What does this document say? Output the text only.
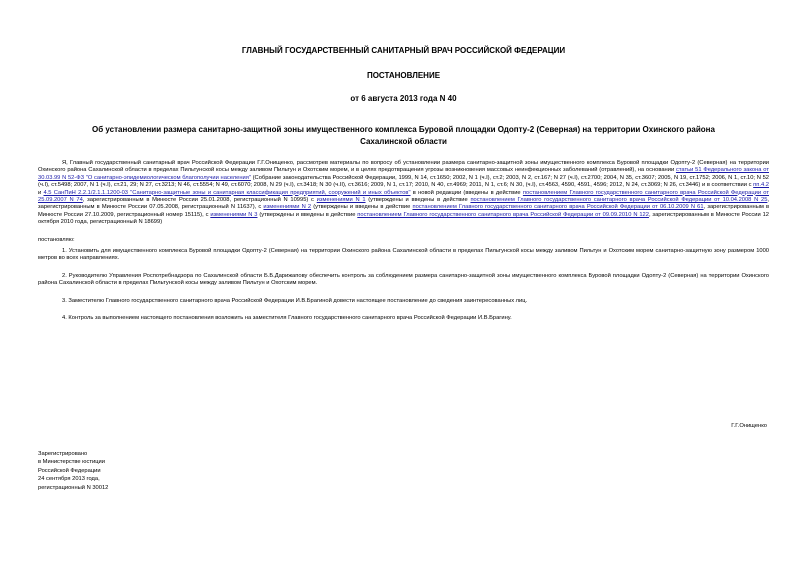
ГЛАВНЫЙ ГОСУДАРСТВЕННЫЙ САНИТАРНЫЙ ВРАЧ РОССИЙСКОЙ ФЕДЕРАЦИИ
ПОСТАНОВЛЕНИЕ
от 6 августа 2013 года N 40
Об установлении размера санитарно-защитной зоны имущественного комплекса Буровой площадки Одопту-2 (Северная) на территории Охинского района Сахалинской области

Я, Главный государственный санитарный врач Российской Федерации Г.Г.Онищенко, рассмотрев материалы по вопросу об установлении размера санитарно-защитной зоны имущественного комплекса Буровой площадки Одопту-2 (Северная) на территории Охинского района Сахалинской области в пределах Пильтунской косы между заливом Пильтун и Охотским морем, и в целях предотвращения угрозы возникновения массовых неинфекционных заболеваний (отравлений), на основании статьи 51 Федерального закона от 30.03.99 N 52-ФЗ "О санитарно-эпидемиологическом благополучии населения" (Собрание законодательства Российской Федерации, 1999, N 14, ст.1650; 2002, N 1 (ч.I), ст.2; 2003, N 2, ст.167; N 27 (ч.I), ст.2700; 2004, N 35, ст.3607; 2005, N 19, ст.1752; 2006, N 1, ст.10; N 52 (ч.I), ст.5498; 2007, N 1 (ч.I), ст.21, 29; N 27, ст.3213; N 46, ст.5554; N 49, ст.6070; 2008, N 29 (ч.I), ст.3418; N 30 (ч.II), ст.3616; 2009, N 1, ст.17; 2010, N 40, ст.4969; 2011, N 1, ст.6; N 30, (ч.I), ст.4563, 4590, 4591, 4596; 2012, N 24, ст.3069; N 26, ст.3446) и в соответствии с пп.4.2 и 4.5 СанПиН 2.2.1/2.1.1.1200-03 "Санитарно-защитные зоны и санитарная классификация предприятий, сооружений и иных объектов" в новой редакции (введены в действие постановлением Главного государственного санитарного врача Российской Федерации от 25.09.2007 N 74, зарегистрированным в Минюсте России 25.01.2008, регистрационный N 10995) с изменениями N 1 (утверждены и введены в действие постановлением Главного государственного санитарного врача Российской Федерации от 10.04.2008 N 25, зарегистрированным в Минюсте России 07.05.2008, регистрационный N 11637), с изменениями N 2 (утверждены и введены в действие постановлением Главного государственного санитарного врача Российской Федерации от 06.10.2009 N 61, зарегистрированным в Минюсте России 27.10.2009, регистрационный номер 15115), с изменениями N 3 (утверждены и введены в действие постановлением Главного государственного санитарного врача Российской Федерации от 09.09.2010 N 122, зарегистрированным в Минюсте России 12 октября 2010 года, регистрационный N 18699)

постановляю:

1. Установить для имущественного комплекса Буровой площадки Одопту-2 (Северная) на территории Охинского района Сахалинской области в пределах Пильтунской косы между заливом Пильтун и Охотским морем санитарно-защитную зону размером 1000 метров во всех направлениях.

2. Руководителю Управления Роспотребнадзора по Сахалинской области Б.Б.Дарижапову обеспечить контроль за соблюдением размера санитарно-защитной зоны имущественного комплекса Буровой площадки Одопту-2 (Северная) на территории Охинского района Сахалинской области в пределах Пильтунской косы между заливом Пильтун и Охотским морем.

3. Заместителю Главного государственного санитарного врача Российской Федерации И.В.Брагиной довести настоящее постановление до сведения заинтересованных лиц.

4. Контроль за выполнением настоящего постановления возложить на заместителя Главного государственного санитарного врача Российской Федерации И.В.Брагину.

Г.Г.Онищенко
Зарегистрировано
в Министерстве юстиции
Российской Федерации
24 сентября 2013 года,
регистрационный N 30012
